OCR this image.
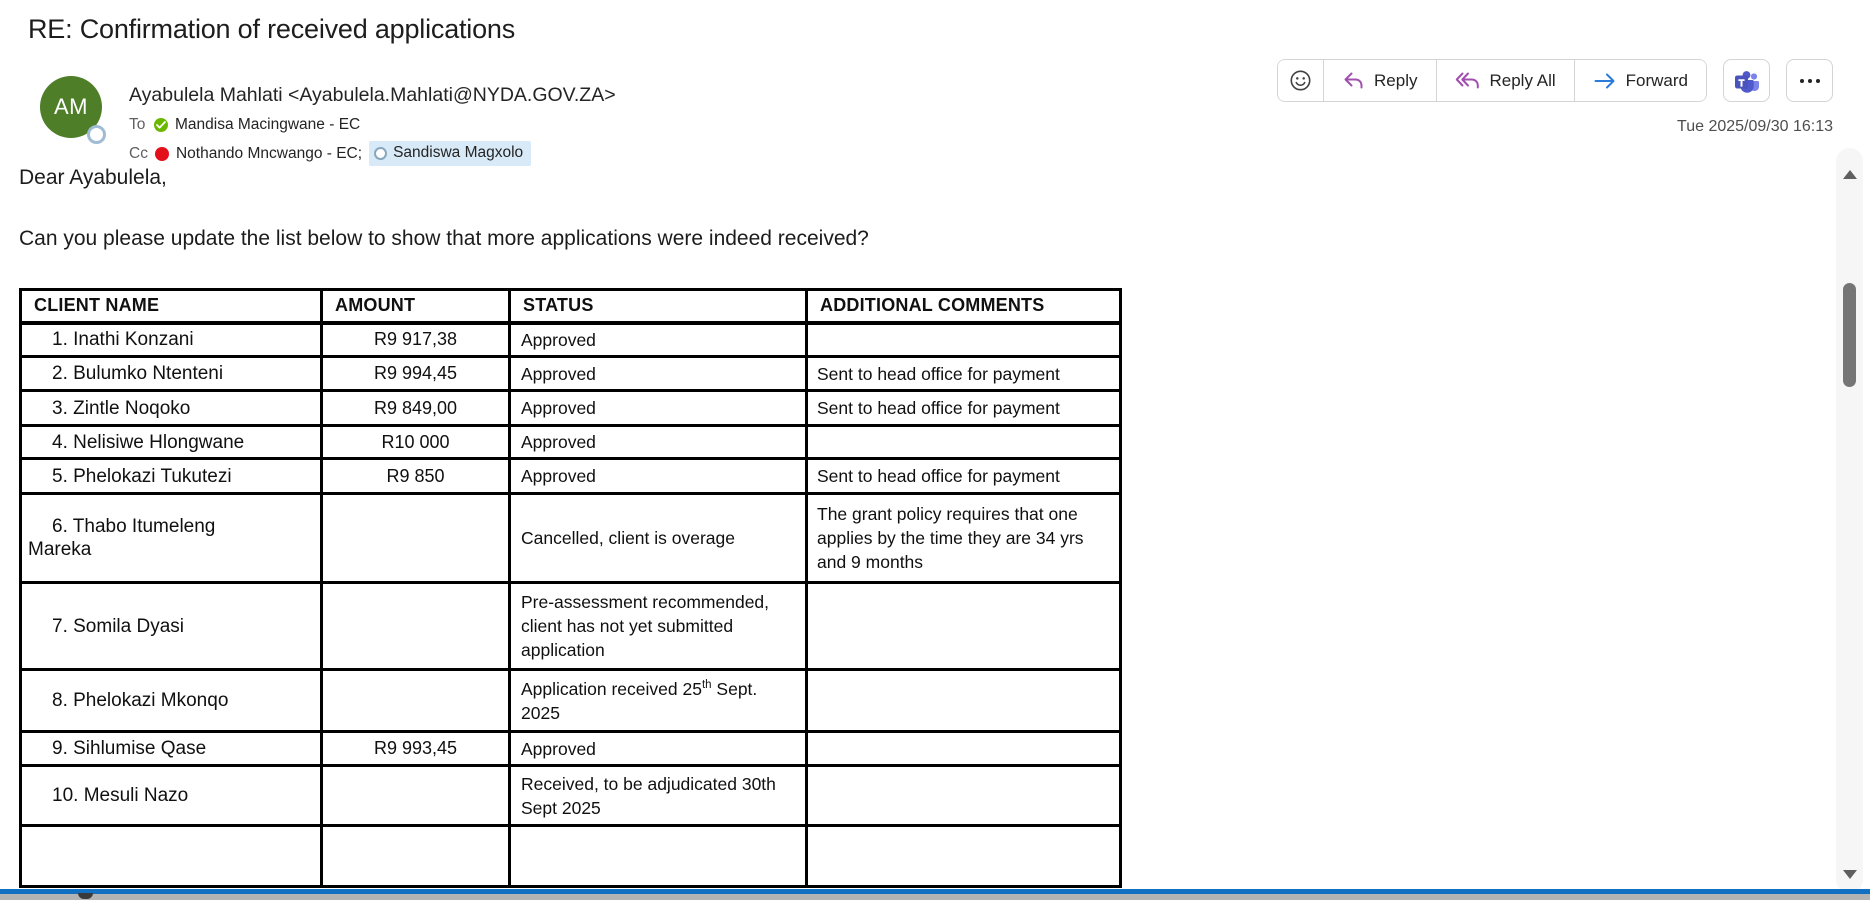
RE: Confirmation of received applications
Reply	Reply All	Forward
Tue 2025/09/30 16:13
AM Ayabulela Mahlati <Ayabulela.Mahlati@NYDA.GOV.ZA>
To Mandisa Macingwane - EC
Cc Nothando Mncwango - EC; Sandiswa Magxolo
Dear Ayabulela,
Can you please update the list below to show that more applications were indeed received?
CLIENT NAME	AMOUNT	STATUS	ADDITIONAL COMMENTS

1. Inathi Konzani	R9 917,38	Approved	

2. Bulumko Ntenteni	R9 994,45	Approved	Sent to head office for payment

3. Zintle Noqoko	R9 849,00	Approved	Sent to head office for payment

4. Nelisiwe Hlongwane	R10 000	Approved	

5. Phelokazi Tukutezi	R9 850	Approved	Sent to head office for payment

6. Thabo Itumeleng Mareka		Cancelled, client is overage	The grant policy requires that one applies by the time they are 34 yrs and 9 months

7. Somila Dyasi		Pre-assessment recommended, client has not yet submitted application	

8. Phelokazi Mkonqo		Application received 25th Sept. 2025	

9. Sihlumise Qase	R9 993,45	Approved	

10. Mesuli Nazo		Received, to be adjudicated 30th Sept 2025	
